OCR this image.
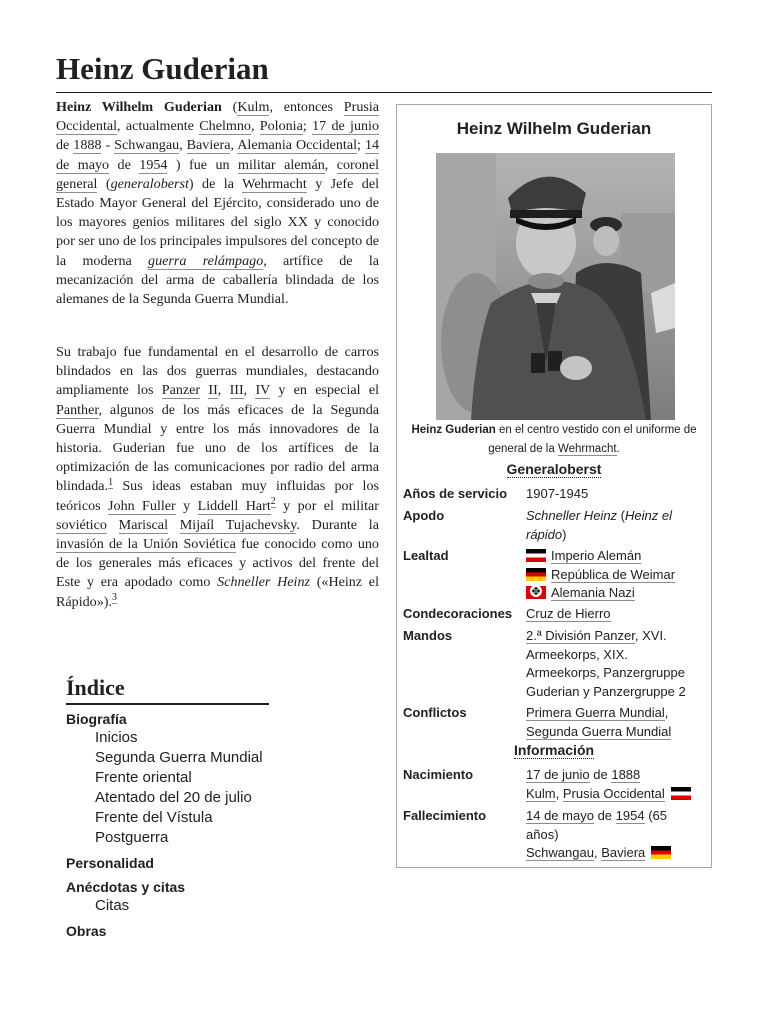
Heinz Guderian

Heinz Wilhelm Guderian (Kulm, entonces Prusia Occidental, actualmente Chelmno, Polonia; 17 de junio de 1888 - Schwangau, Baviera, Alemania Occidental; 14 de mayo de 1954 ) fue un militar alemán, coronel general (generaloberst) de la Wehrmacht y Jefe del Estado Mayor General del Ejército, considerado uno de los mayores genios militares del siglo XX y conocido por ser uno de los principales impulsores del concepto de la moderna guerra relámpago, artífice de la mecanización del arma de caballería blindada de los alemanes de la Segunda Guerra Mundial.

Su trabajo fue fundamental en el desarrollo de carros blindados en las dos guerras mundiales, destacando ampliamente los Panzer II, III, IV y en especial el Panther, algunos de los más eficaces de la Segunda Guerra Mundial y entre los más innovadores de la historia. Guderian fue uno de los artífices de la optimización de las comunicaciones por radio del arma blindada.$^1$ Sus ideas estaban muy influidas por los teóricos John Fuller y Liddell Hart$^2$ y por el militar soviético Mariscal Mijaíl Tujachevsky. Durante la invasión de la Unión Soviética fue conocido como uno de los generales más eficaces y activos del frente del Este y era apodado como Schneller Heinz («Heinz el Rápido»).$^3$

Heinz Wilhelm Guderian
Heinz Guderian en el centro vestido con el uniforme de general de la Wehrmacht.
Generaloberst
Años de servicio	1907-1945
Apodo	Schneller Heinz (Heinz el rápido)
Lealtad	Imperio Alemán
República de Weimar
✥Alemania Nazi
Condecoraciones	Cruz de Hierro
Mandos	2.ª División Panzer, XVI. Armeekorps, XIX. Armeekorps, Panzergruppe Guderian y Panzergruppe 2
Conflictos	Primera Guerra Mundial,
Segunda Guerra Mundial
Información
Nacimiento	17 de junio de 1888
Kulm, Prusia Occidental
Fallecimiento	14 de mayo de 1954 (65 años)
Schwangau, Baviera
Índice
Biografía
Inicios
Segunda Guerra Mundial
Frente oriental
Atentado del 20 de julio
Frente del Vístula
Postguerra
Personalidad
Anécdotas y citas
Citas
Obras
